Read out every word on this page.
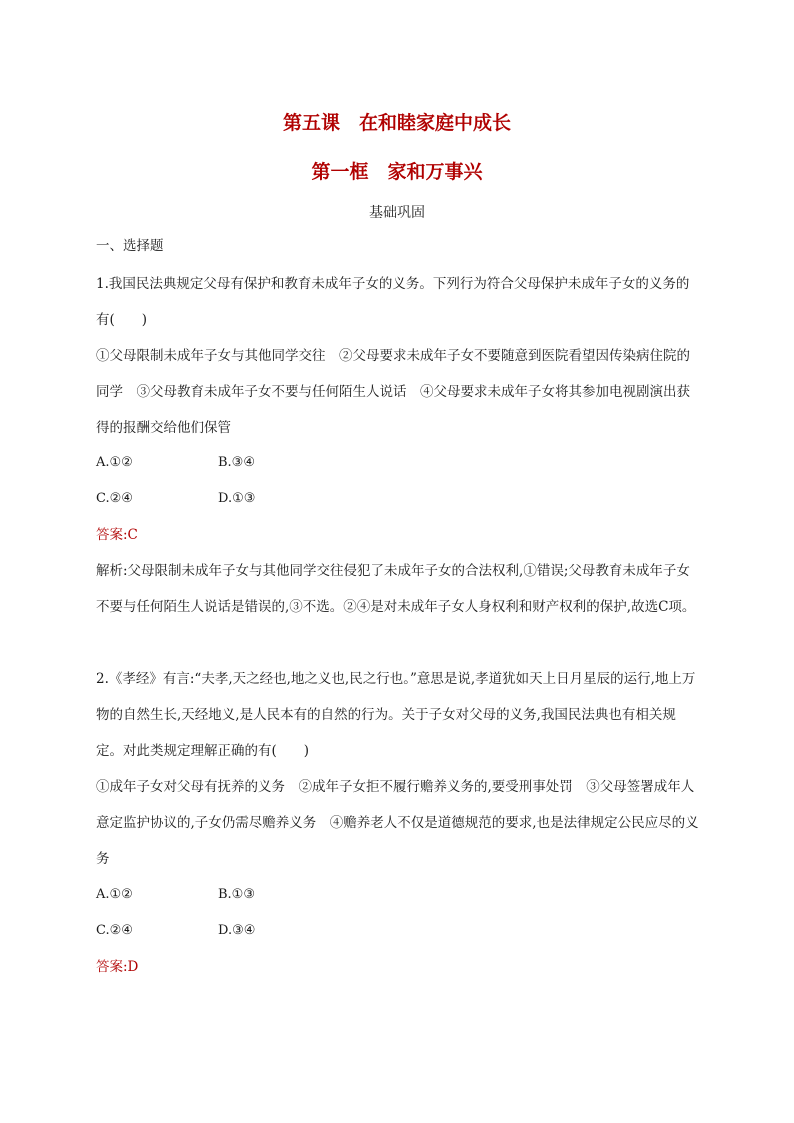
第五课　在和睦家庭中成长
第一框　家和万事兴
基础巩固
一、选择题

1.我国民法典规定父母有保护和教育未成年子女的义务。下列行为符合父母保护未成年子女的义务的有(　　)

①父母限制未成年子女与其他同学交往　②父母要求未成年子女不要随意到医院看望因传染病住院的同学　③父母教育未成年子女不要与任何陌生人说话　④父母要求未成年子女将其参加电视剧演出获得的报酬交给他们保管

A.①②	B.③④
C.②④	D.①③
答案:C
解析:父母限制未成年子女与其他同学交往侵犯了未成年子女的合法权利,①错误;父母教育未成年子女不要与任何陌生人说话是错误的,③不选。②④是对未成年子女人身权利和财产权利的保护,故选C项。

2.《孝经》有言:“夫孝,天之经也,地之义也,民之行也。”意思是说,孝道犹如天上日月星辰的运行,地上万物的自然生长,天经地义,是人民本有的自然的行为。关于子女对父母的义务,我国民法典也有相关规定。对此类规定理解正确的有(　　)

①成年子女对父母有抚养的义务　②成年子女拒不履行赡养义务的,要受刑事处罚　③父母签署成年人意定监护协议的,子女仍需尽赡养义务　④赡养老人不仅是道德规范的要求,也是法律规定公民应尽的义务

A.①②	B.①③
C.②④	D.③④
答案:D
